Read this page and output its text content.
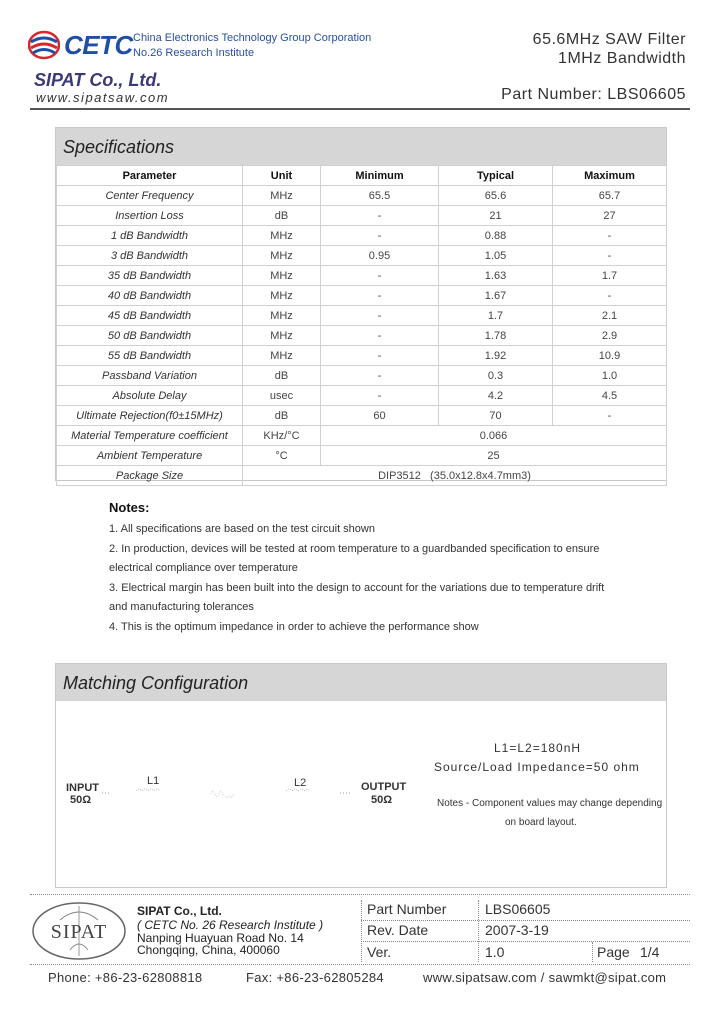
CETC China Electronics Technology Group Corporation
No.26 Research Institute
SIPAT Co., Ltd.
www.sipatsaw.com
65.6MHz SAW Filter
1MHz Bandwidth
Part Number: LBS06605
Specifications
Parameter	Unit	Minimum	Typical	Maximum
Center Frequency	MHz	65.5	65.6	65.7
Insertion Loss	dB	-	21	27
1 dB Bandwidth	MHz	-	0.88	-
3 dB Bandwidth	MHz	0.95	1.05	-
35 dB Bandwidth	MHz	-	1.63	1.7
40 dB Bandwidth	MHz	-	1.67	-
45 dB Bandwidth	MHz	-	1.7	2.1
50 dB Bandwidth	MHz	-	1.78	2.9
55 dB Bandwidth	MHz	-	1.92	10.9
Passband Variation	dB	-	0.3	1.0
Absolute Delay	usec	-	4.2	4.5
Ultimate Rejection(f0±15MHz)	dB	60	70	-
Material Temperature coefficient	KHz/°C	0.066		
Ambient Temperature	°C	25		
Package Size	DIP3512   (35.0x12.8x4.7mm3)			
Notes:
1. All specifications are based on the test circuit shown
2. In production, devices will be tested at room temperature to a guardbanded specification to ensure
electrical compliance over temperature
3. Electrical margin has been built into the design to account for the variations due to temperature drift
and manufacturing tolerances
4. This is the optimum impedance in order to achieve the performance show
Matching Configuration
INPUT
50Ω
L1	L2	OUTPUT
50Ω
L1=L2=180nH
Source/Load Impedance=50 ohm
Notes - Component values may change depending
on board layout.
SIPAT
SIPAT Co., Ltd.
( CETC No. 26 Research Institute )
Nanping Huayuan Road No. 14
Chongqing, China, 400060
Part Number	LBS06605
Rev. Date	2007-3-19
Ver.	1.0	Page 1/4
Phone: +86-23-62808818	Fax: +86-23-62805284	www.sipatsaw.com / sawmkt@sipat.com
